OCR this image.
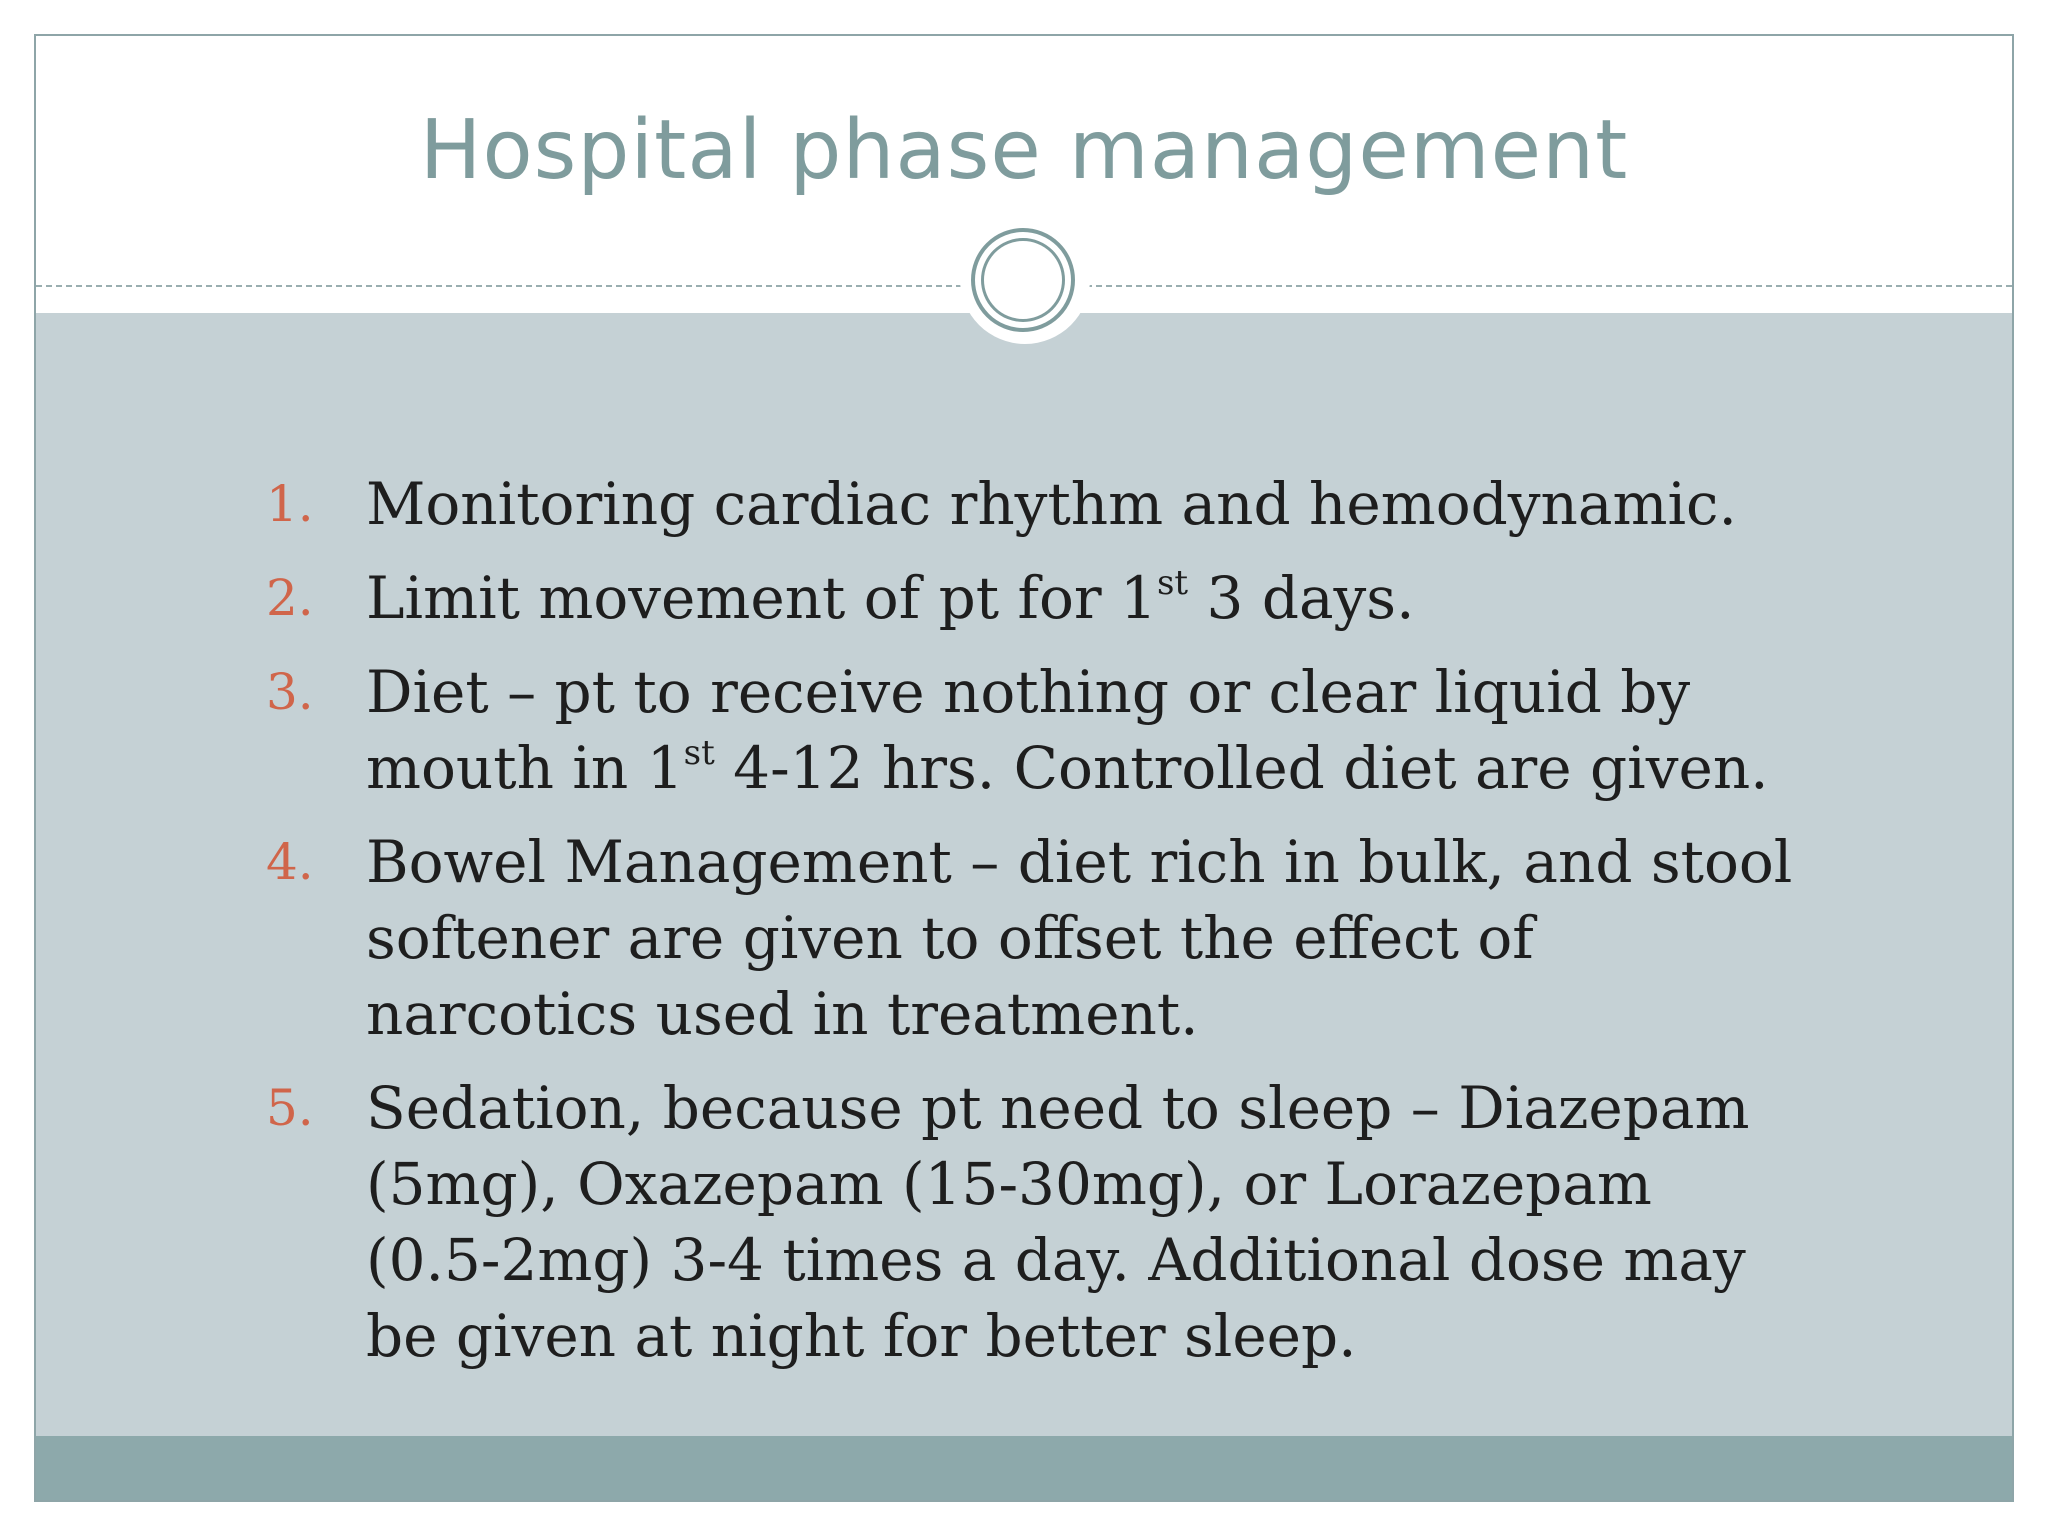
Hospital phase management
1. Monitoring cardiac rhythm and hemodynamic.
2. Limit movement of pt for 1st 3 days.
3. Diet – pt to receive nothing or clear liquid by
mouth in 1st 4-12 hrs. Controlled diet are given.
4. Bowel Management – diet rich in bulk, and stool
softener are given to offset the effect of
narcotics used in treatment.
5. Sedation, because pt need to sleep – Diazepam
(5mg), Oxazepam (15-30mg), or Lorazepam
(0.5-2mg) 3-4 times a day. Additional dose may
be given at night for better sleep.
